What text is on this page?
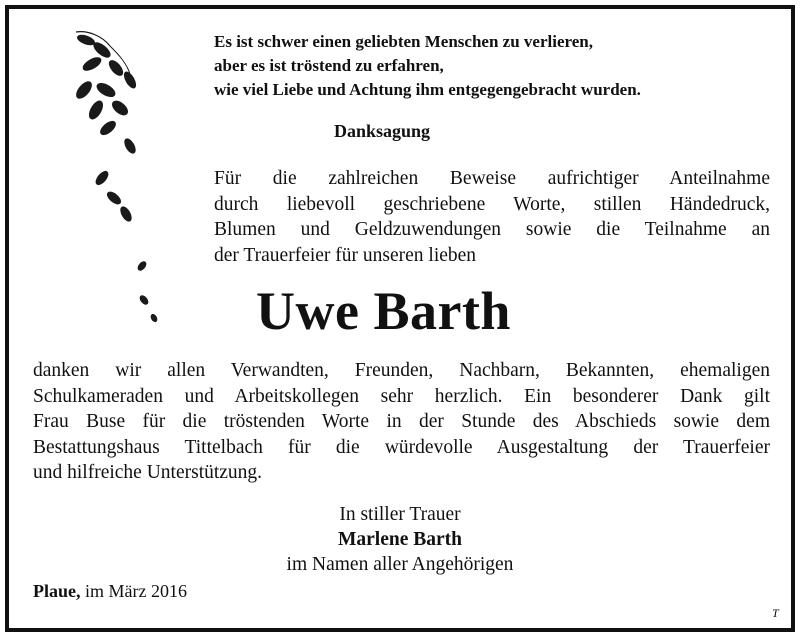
Es ist schwer einen geliebten Menschen zu verlieren,
aber es ist tröstend zu erfahren,
wie viel Liebe und Achtung ihm entgegengebracht wurden.
Danksagung
Für die zahlreichen Beweise aufrichtiger Anteilnahme
durch liebevoll geschriebene Worte, stillen Händedruck,
Blumen und Geldzuwendungen sowie die Teilnahme an
der Trauerfeier für unseren lieben
Uwe Barth
danken wir allen Verwandten, Freunden, Nachbarn, Bekannten, ehemaligen
Schulkameraden und Arbeitskollegen sehr herzlich. Ein besonderer Dank gilt
Frau Buse für die tröstenden Worte in der Stunde des Abschieds sowie dem
Bestattungshaus Tittelbach für die würdevolle Ausgestaltung der Trauerfeier
und hilfreiche Unterstützung.
In stiller Trauer
Marlene Barth
im Namen aller Angehörigen
Plaue, im März 2016
T
